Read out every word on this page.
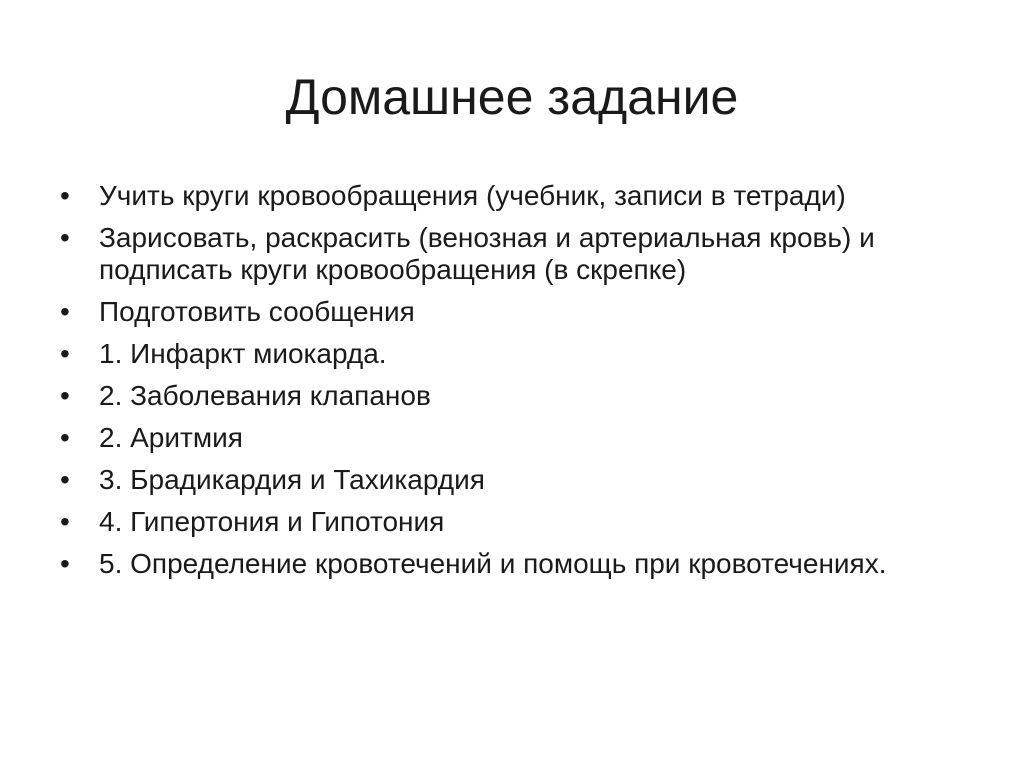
Домашнее задание
•	Учить круги кровообращения (учебник, записи в тетради)
•	Зарисовать, раскрасить (венозная и артериальная кровь) и подписать круги кровообращения (в скрепке)
•	Подготовить сообщения
•	1. Инфаркт миокарда.
•	2. Заболевания клапанов
•	2. Аритмия
•	3. Брадикардия и Тахикардия
•	4. Гипертония и Гипотония
•	5. Определение кровотечений и помощь при кровотечениях.
